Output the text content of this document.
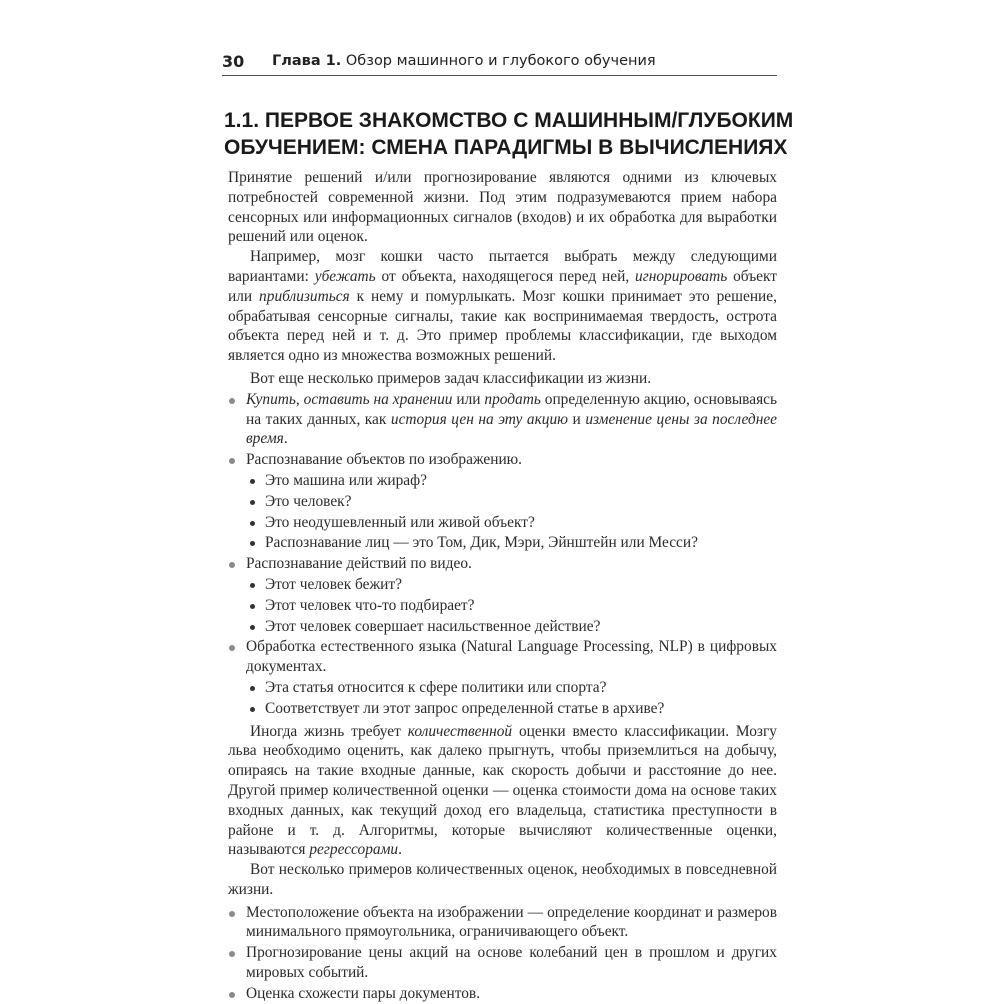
30 Глава 1. Обзор машинного и глубокого обучения
1.1. ПЕРВОЕ ЗНАКОМСТВО С МАШИННЫМ/ГЛУБОКИМ
ОБУЧЕНИЕМ: СМЕНА ПАРАДИГМЫ В ВЫЧИСЛЕНИЯХ

Принятие решений и/или прогнозирование являются одними из ключевых потребностей современной жизни. Под этим подразумеваются прием набора сенсорных или информационных сигналов (входов) и их обработка для выработки решений или оценок.

Например, мозг кошки часто пытается выбрать между следующими вариантами: убежать от объекта, находящегося перед ней, игнорировать объект или приблизиться к нему и помурлыкать. Мозг кошки принимает это решение, обрабатывая сенсорные сигналы, такие как воспринимаемая твердость, острота объекта перед ней и т. д. Это пример проблемы классификации, где выходом является одно из множества возможных решений.

Вот еще несколько примеров задач классификации из жизни.

Купить, оставить на хранении или продать определенную акцию, основываясь на таких данных, как история цен на эту акцию и изменение цены за последнее время.
Распознавание объектов по изображению.
Это машина или жираф?
Это человек?
Это неодушевленный или живой объект?
Распознавание лиц — это Том, Дик, Мэри, Эйнштейн или Месси?
Распознавание действий по видео.
Этот человек бежит?
Этот человек что-то подбирает?
Этот человек совершает насильственное действие?
Обработка естественного языка (Natural Language Processing, NLP) в цифровых документах.
Эта статья относится к сфере политики или спорта?
Соответствует ли этот запрос определенной статье в архиве?

Иногда жизнь требует количественной оценки вместо классификации. Мозгу льва необходимо оценить, как далеко прыгнуть, чтобы приземлиться на добычу, опираясь на такие входные данные, как скорость добычи и расстояние до нее. Другой пример количественной оценки — оценка стоимости дома на основе таких входных данных, как текущий доход его владельца, статистика преступности в районе и т. д. Алгоритмы, которые вычисляют количественные оценки, называются регрессорами.

Вот несколько примеров количественных оценок, необходимых в повседневной жизни.

Местоположение объекта на изображении — определение координат и размеров минимального прямоугольника, ограничивающего объект.
Прогнозирование цены акций на основе колебаний цен в прошлом и других мировых событий.
Оценка схожести пары документов.
